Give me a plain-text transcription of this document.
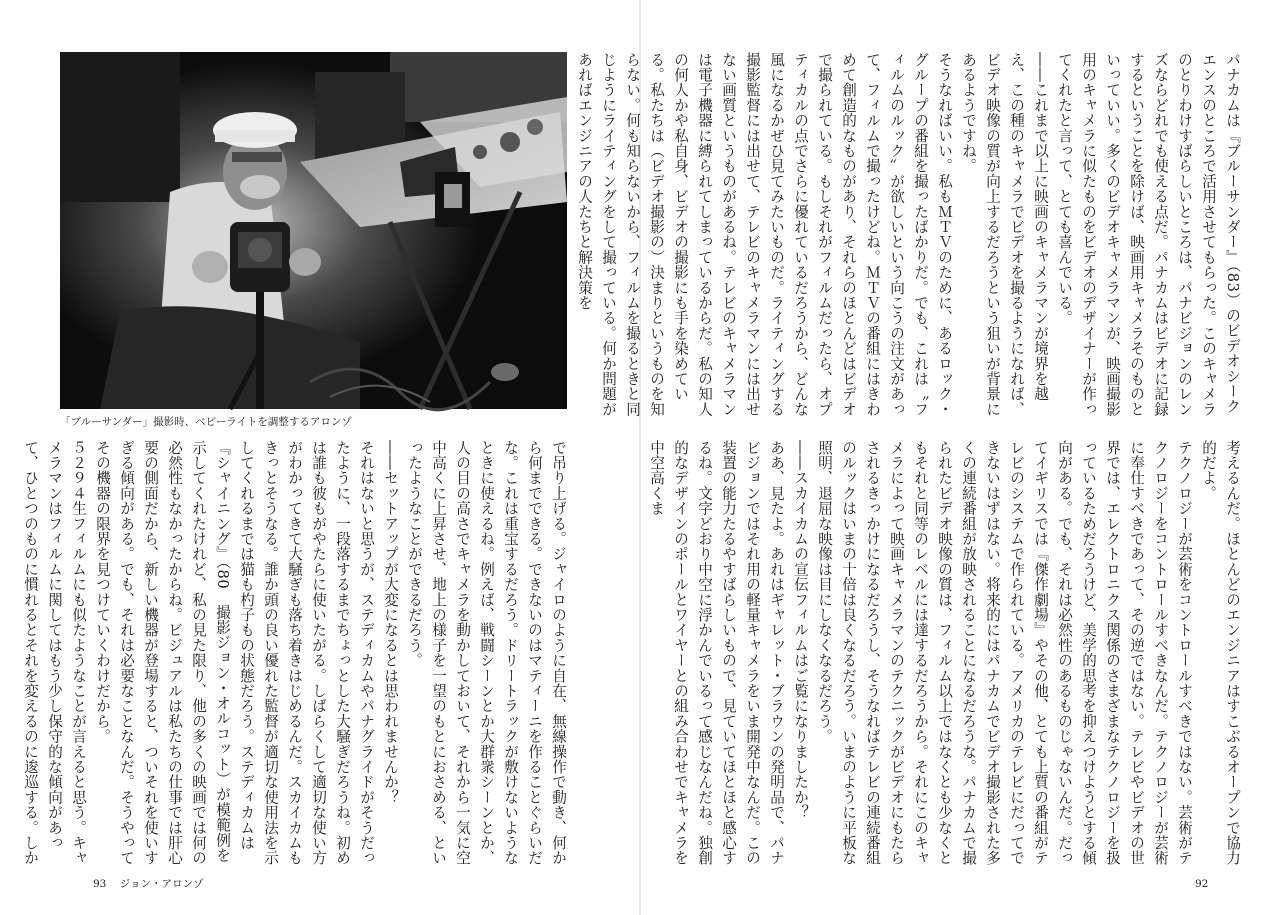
「ブルーサンダー」撮影時、ベビーライトを調整するアロンゾ

で吊り上げる。ジャイロのように自在、無線操作で動き、何から何までできる。できないのはマティーニを作ることぐらいだな。これは重宝するだろう。ドリートラックが敷けないようなときに使えるね。例えば、戦闘シーンとか大群衆シーンとか、人の目の高さでキャメラを動かしておいて、それから一気に空中高くに上昇させ、地上の様子を一望のもとにおさめる、といったようなことができるだろう。

――セットアップが大変になるとは思われませんか？

それはないと思うが、ステディカムやパナグライドがそうだったように、一段落するまでちょっとした大騒ぎだろうね。初めは誰も彼もがやたらに使いたがる。しばらくして適切な使い方がわかってきて大騒ぎも落ち着きはじめるんだ。スカイカムもきっとそうなる。誰か頭の良い優れた監督が適切な使用法を示してくれるまでは猫も杓子もの状態だろう。ステディカムは『シャイニング』（80　撮影ジョン・オルコット）が模範例を示してくれたけれど、私の見た限り、他の多くの映画では何の必然性もなかったからね。ビジュアルは私たちの仕事では肝心要の側面だから、新しい機器が登場すると、ついそれを使いすぎる傾向がある。でも、それは必要なことなんだ。そうやってその機器の限界を見つけていくわけだから。

５２９４生フィルムにも似たようなことが言えると思う。キャメラマンはフィルムに関してはもう少し保守的な傾向があって、ひとつのものに慣れるとそれを変えるのに逡巡する。しか

93 ジョン・アロンゾ

パナカムは『ブルーサンダー』（83）のビデオシークエンスのところで活用させてもらった。このキャメラのとりわけすばらしいところは、パナビジョンのレンズならどれでも使える点だ。パナカムはビデオに記録するということを除けば、映画用キャメラそのものといっていい。多くのビデオキャメラマンが、映画撮影用のキャメラに似たものをビデオのデザイナーが作ってくれたと言って、とても喜んでいる。

――これまで以上に映画のキャメラマンが境界を越え、この種のキャメラでビデオを撮るようになれば、ビデオ映像の質が向上するだろうという狙いが背景にあるようですね。

そうなればいい。私もＭＴＶのために、あるロック・グループの番組を撮ったばかりだ。でも、これは〝フィルムのルック〟が欲しいという向こうの注文があって、フィルムで撮ったけどね。ＭＴＶの番組にはきわめて創造的なものがあり、それらのほとんどはビデオで撮られている。もしそれがフィルムだったら、オプティカルの点でさらに優れているだろうから、どんな風になるかぜひ見てみたいものだ。ライティングする撮影監督には出せて、テレビのキャメラマンには出せない画質というものがあるね。テレビのキャメラマンは電子機器に縛られてしまっているからだ。私の知人の何人かや私自身、ビデオの撮影にも手を染めている。私たちは（ビデオ撮影の）決まりというものを知らない。何も知らないから、フィルムを撮るときと同じようにライティングをして撮っている。何か問題があればエンジニアの人たちと解決策を

考えるんだ。ほとんどのエンジニアはすこぶるオープンで協力的だよ。

テクノロジーが芸術をコントロールすべきではない。芸術がテクノロジーをコントロールすべきなんだ。テクノロジーが芸術に奉仕すべきであって、その逆ではない。テレビやビデオの世界では、エレクトロニクス関係のさまざまなテクノロジーを扱っているためだろうけど、美学的思考を抑えつけようとする傾向がある。でも、それは必然性のあるものじゃないんだ。だってイギリスでは『傑作劇場』やその他、とても上質の番組がテレビのシステムで作られている。アメリカのテレビにだってできないはずはない。将来的にはパナカムでビデオ撮影された多くの連続番組が放映されることになるだろうな。パナカムで撮られたビデオ映像の質は、フィルム以上ではなくとも少なくともそれと同等のレベルには達するだろうから。それにこのキャメラによって映画キャメラマンのテクニックがビデオにもたらされるきっかけになるだろうし、そうなればテレビの連続番組のルックはいまの十倍は良くなるだろう。いまのように平板な照明、退屈な映像は目にしなくなるだろう。

――スカイカムの宣伝フィルムはご覧になりましたか？

ああ、見たよ。あれはギャレット・ブラウンの発明品で、パナビジョンではそれ用の軽量キャメラをいま開発中なんだ。この装置の能力たるやすばらしいもので、見ていてほとほと感心するね。文字どおり中空に浮かんでいるって感じなんだね。独創的なデザインのポールとワイヤーとの組み合わせでキャメラを中空高くま

92
